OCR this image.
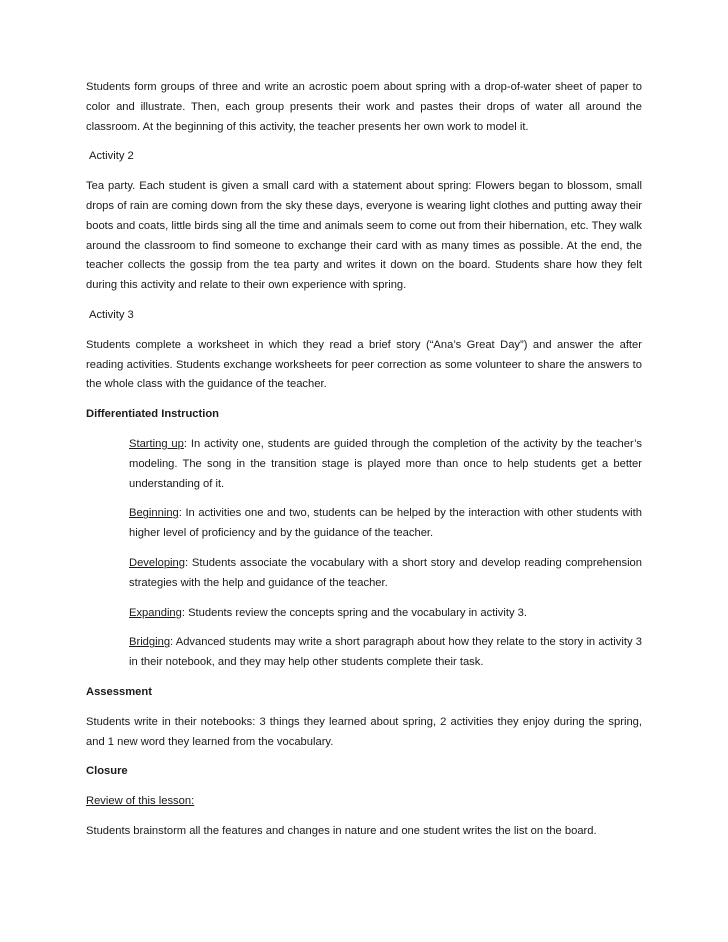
Students form groups of three and write an acrostic poem about spring with a drop-of-water sheet of paper to color and illustrate. Then, each group presents their work and pastes their drops of water all around the classroom. At the beginning of this activity, the teacher presents her own work to model it.

Activity 2

Tea party. Each student is given a small card with a statement about spring: Flowers began to blossom, small drops of rain are coming down from the sky these days, everyone is wearing light clothes and putting away their boots and coats, little birds sing all the time and animals seem to come out from their hibernation, etc. They walk around the classroom to find someone to exchange their card with as many times as possible. At the end, the teacher collects the gossip from the tea party and writes it down on the board. Students share how they felt during this activity and relate to their own experience with spring.

Activity 3

Students complete a worksheet in which they read a brief story (“Ana’s Great Day”) and answer the after reading activities. Students exchange worksheets for peer correction as some volunteer to share the answers to the whole class with the guidance of the teacher.

Differentiated Instruction

Starting up: In activity one, students are guided through the completion of the activity by the teacher’s modeling. The song in the transition stage is played more than once to help students get a better understanding of it.

Beginning: In activities one and two, students can be helped by the interaction with other students with higher level of proficiency and by the guidance of the teacher.

Developing: Students associate the vocabulary with a short story and develop reading comprehension strategies with the help and guidance of the teacher.

Expanding: Students review the concepts spring and the vocabulary in activity 3.

Bridging: Advanced students may write a short paragraph about how they relate to the story in activity 3 in their notebook, and they may help other students complete their task.

Assessment

Students write in their notebooks: 3 things they learned about spring, 2 activities they enjoy during the spring, and 1 new word they learned from the vocabulary.

Closure

Review of this lesson:

Students brainstorm all the features and changes in nature and one student writes the list on the board.
